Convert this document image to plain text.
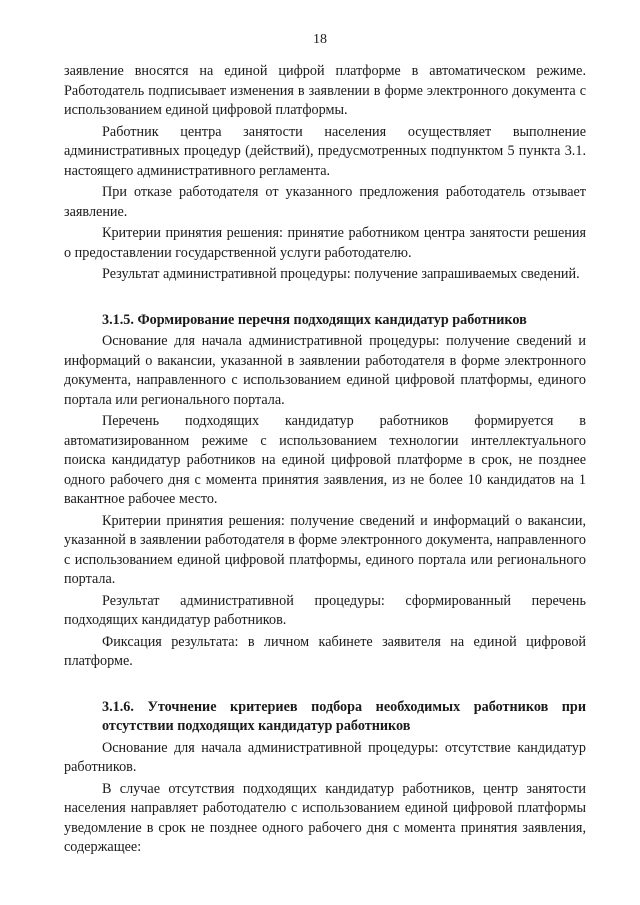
18

заявление вносятся на единой цифрой платформе в автоматическом режиме. Работодатель подписывает изменения в заявлении в форме электронного документа с использованием единой цифровой платформы.

Работник центра занятости населения осуществляет выполнение административных процедур (действий), предусмотренных подпунктом 5 пункта 3.1. настоящего административного регламента.

При отказе работодателя от указанного предложения работодатель отзывает заявление.

Критерии принятия решения: принятие работником центра занятости решения о предоставлении государственной услуги работодателю.

Результат административной процедуры: получение запрашиваемых сведений.

3.1.5. Формирование перечня подходящих кандидатур работников

Основание для начала административной процедуры: получение сведений и информаций о вакансии, указанной в заявлении работодателя в форме электронного документа, направленного с использованием единой цифровой платформы, единого портала или регионального портала.

Перечень подходящих кандидатур работников формируется в автоматизированном режиме с использованием технологии интеллектуального поиска кандидатур работников на единой цифровой платформе в срок, не позднее одного рабочего дня с момента принятия заявления, из не более 10 кандидатов на 1 вакантное рабочее место.

Критерии принятия решения: получение сведений и информаций о вакансии, указанной в заявлении работодателя в форме электронного документа, направленного с использованием единой цифровой платформы, единого портала или регионального портала.

Результат административной процедуры: сформированный перечень подходящих кандидатур работников.

Фиксация результата: в личном кабинете заявителя на единой цифровой платформе.

3.1.6. Уточнение критериев подбора необходимых работников при отсутствии подходящих кандидатур работников

Основание для начала административной процедуры: отсутствие кандидатур работников.

В случае отсутствия подходящих кандидатур работников, центр занятости населения направляет работодателю с использованием единой цифровой платформы уведомление в срок не позднее одного рабочего дня с момента принятия заявления, содержащее:
